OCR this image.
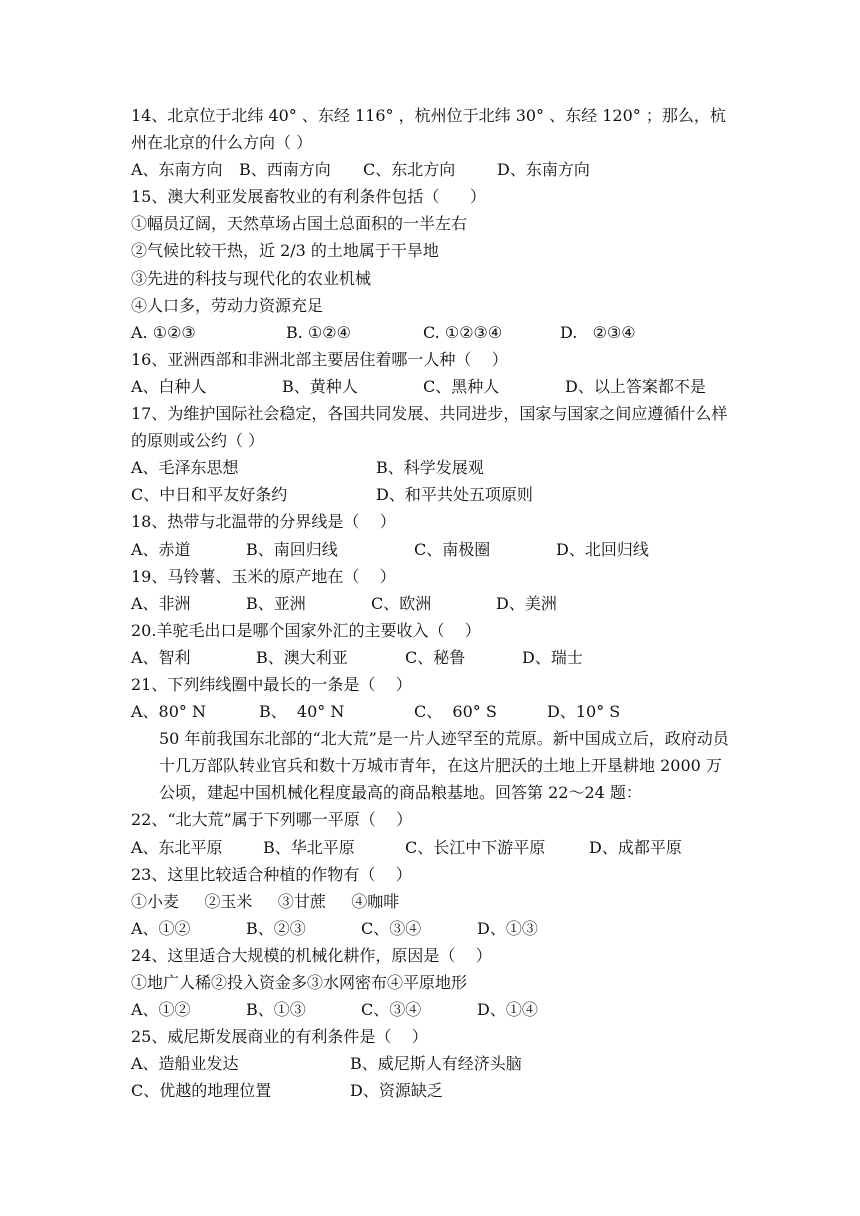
14、北京位于北纬 40° 、东经 116° ，杭州位于北纬 30° 、东经 120° ；那么，杭州在北京的什么方向（ ）
A、东南方向	B、西南方向	C、东北方向	D、东南方向
15、澳大利亚发展畜牧业的有利条件包括（      ）
①幅员辽阔，天然草场占国土总面积的一半左右
②气候比较干热，近 2/3 的土地属于干旱地
③先进的科技与现代化的农业机械
④人口多，劳动力资源充足
A. ①②③	B. ①②④	C. ①②③④	D.   ②③④
16、亚洲西部和非洲北部主要居住着哪一人种（    ）
A、白种人	B、黄种人	C、黑种人	D、以上答案都不是
17、为维护国际社会稳定，各国共同发展、共同进步，国家与国家之间应遵循什么样的原则或公约（ ）
A、毛泽东思想	B、科学发展观
C、中日和平友好条约	D、和平共处五项原则
18、热带与北温带的分界线是（    ）
A、赤道	B、南回归线	C、南极圈	D、北回归线
19、马铃薯、玉米的原产地在（    ）
A、非洲	B、亚洲	C、欧洲	D、美洲
20.羊驼毛出口是哪个国家外汇的主要收入（    ）
A、智利	B、澳大利亚	C、秘鲁	D、瑞士
21、下列纬线圈中最长的一条是（    ）
A、80° N	B、  40° N	C、  60° S	D、10° S
50 年前我国东北部的“北大荒”是一片人迹罕至的荒原。新中国成立后，政府动员十几万部队转业官兵和数十万城市青年，在这片肥沃的土地上开垦耕地 2000 万公顷，建起中国机械化程度最高的商品粮基地。回答第 22～24 题：
22、“北大荒”属于下列哪一平原（    ）
A、东北平原	B、华北平原	C、长江中下游平原	D、成都平原
23、这里比较适合种植的作物有（    ）
①小麦     ②玉米     ③甘蔗     ④咖啡
A、①②	B、②③	C、③④	D、①③
24、这里适合大规模的机械化耕作，原因是（    ）
①地广人稀②投入资金多③水网密布④平原地形
A、①②	B、①③	C、③④	D、①④
25、威尼斯发展商业的有利条件是（    ）
A、造船业发达	B、威尼斯人有经济头脑
C、优越的地理位置	D、资源缺乏
